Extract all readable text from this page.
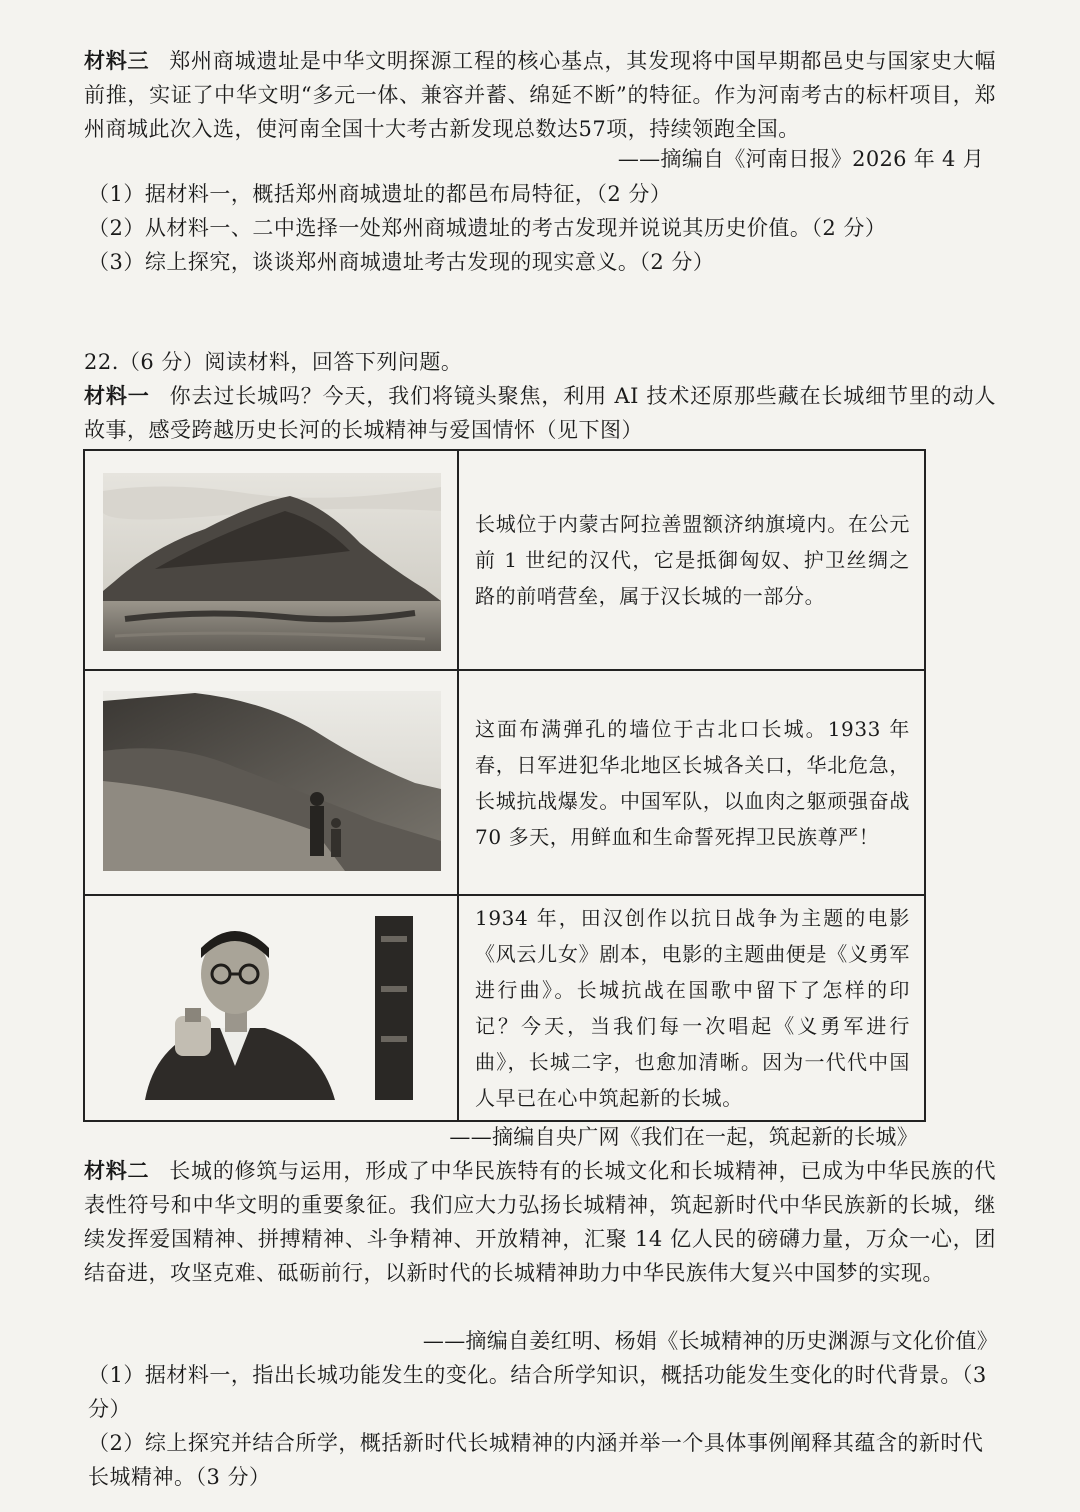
材料三 郑州商城遗址是中华文明探源工程的核心基点，其发现将中国早期都邑史与国家史大幅前推，实证了中华文明“多元一体、兼容并蓄、绵延不断”的特征。作为河南考古的标杆项目，郑州商城此次入选，使河南全国十大考古新发现总数达57项，持续领跑全国。
——摘编自《河南日报》2026 年 4 月
（1）据材料一，概括郑州商城遗址的都邑布局特征，（2 分）
（2）从材料一、二中选择一处郑州商城遗址的考古发现并说说其历史价值。（2 分）
（3）综上探究，谈谈郑州商城遗址考古发现的现实意义。（2 分）
22.（6 分）阅读材料，回答下列问题。
材料一 你去过长城吗？今天，我们将镜头聚焦，利用 AI 技术还原那些藏在长城细节里的动人故事，感受跨越历史长河的长城精神与爱国情怀（见下图）
	长城位于内蒙古阿拉善盟额济纳旗境内。在公元前 1 世纪的汉代，它是抵御匈奴、护卫丝绸之路的前哨营垒，属于汉长城的一部分。

	这面布满弹孔的墙位于古北口长城。1933 年春，日军进犯华北地区长城各关口，华北危急，长城抗战爆发。中国军队，以血肉之躯顽强奋战 70 多天，用鲜血和生命誓死捍卫民族尊严！

	1934 年，田汉创作以抗日战争为主题的电影《风云儿女》剧本，电影的主题曲便是《义勇军进行曲》。长城抗战在国歌中留下了怎样的印记？今天，当我们每一次唱起《义勇军进行曲》，长城二字，也愈加清晰。因为一代代中国人早已在心中筑起新的长城。
——摘编自央广网《我们在一起，筑起新的长城》
材料二 长城的修筑与运用，形成了中华民族特有的长城文化和长城精神，已成为中华民族的代表性符号和中华文明的重要象征。我们应大力弘扬长城精神，筑起新时代中华民族新的长城，继续发挥爱国精神、拼搏精神、斗争精神、开放精神，汇聚 14 亿人民的磅礴力量，万众一心，团结奋进，攻坚克难、砥砺前行，以新时代的长城精神助力中华民族伟大复兴中国梦的实现。
——摘编自姜红明、杨娟《长城精神的历史渊源与文化价值》
（1）据材料一，指出长城功能发生的变化。结合所学知识，概括功能发生变化的时代背景。（3 分）
（2）综上探究并结合所学，概括新时代长城精神的内涵并举一个具体事例阐释其蕴含的新时代长城精神。（3 分）
